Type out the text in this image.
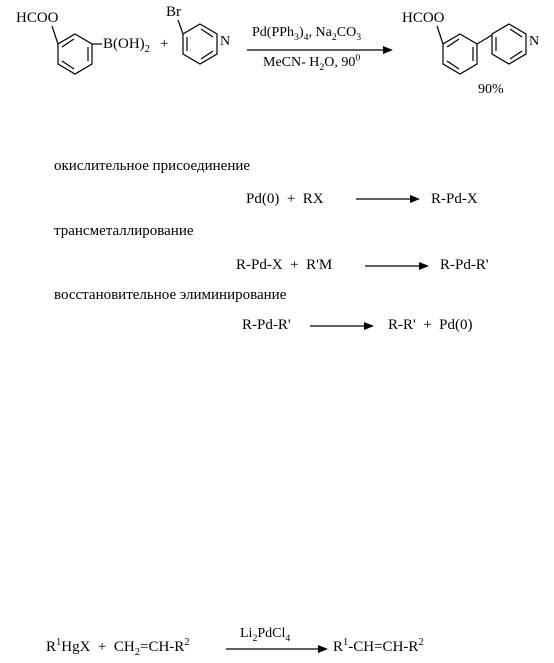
HCOO
$B(OH)_2$ +
Br
N
$Pd(PPh_3)_4$, $Na_2CO_3$
MeCN- $H_2O$, $90^0$
HCOO
N
90%
окислительное присоединение
Pd(0)  +  RX	R-Pd-X
трансметаллирование
R-Pd-X  +  R'M	R-Pd-R'
восстановительное элиминирование
R-Pd-R'	R-R'  +  Pd(0)
$R^1HgX + CH_2=CH-R^2$
$Li_2PdCl_4$
$R^1-CH=CH-R^2$
